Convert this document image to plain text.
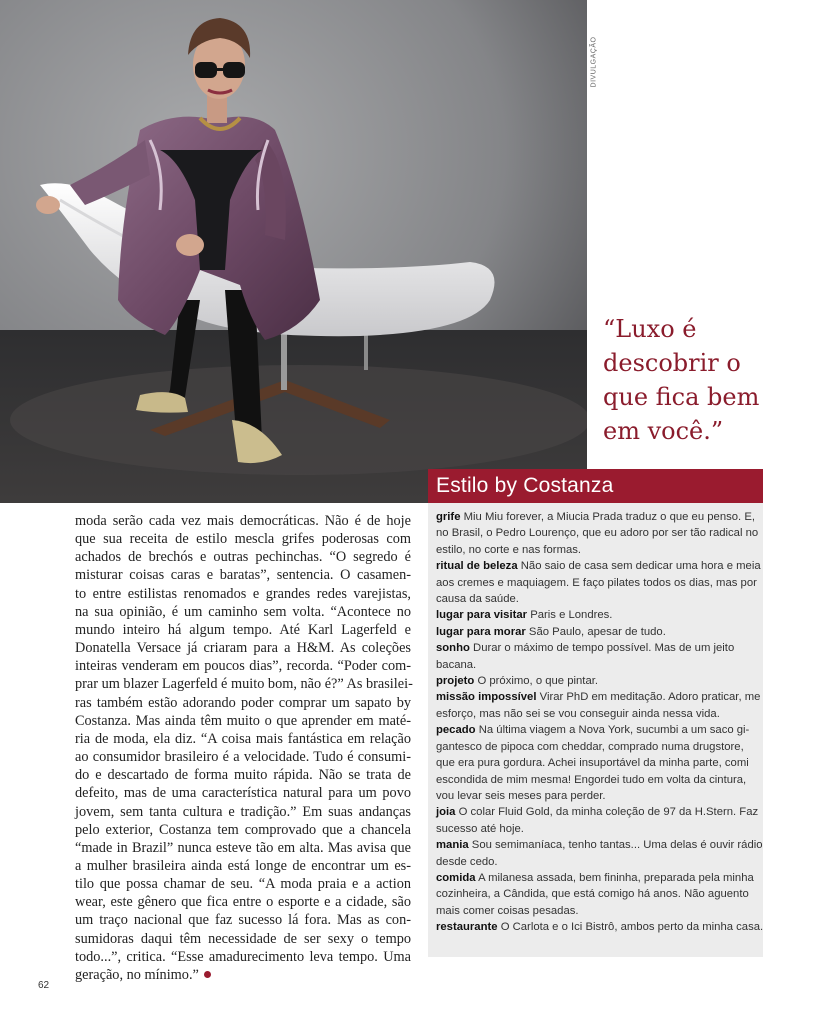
DIVULGAÇÃO
“Luxo é
descobrir o
que fica bem
em você.”
moda serão cada vez mais democráticas. Não é de hoje
que sua receita de estilo mescla grifes poderosas com
achados de brechós e outras pechinchas. “O segredo é
misturar coisas caras e baratas”, sentencia. O casamen-
to entre estilistas renomados e grandes redes varejistas,
na sua opinião, é um caminho sem volta. “Acontece no
mundo inteiro há algum tempo. Até Karl Lagerfeld e
Donatella Versace já criaram para a H&M. As coleções
inteiras venderam em poucos dias”, recorda. “Poder com-
prar um blazer Lagerfeld é muito bom, não é?” As brasilei-
ras também estão adorando poder comprar um sapato by
Costanza. Mas ainda têm muito o que aprender em maté-
ria de moda, ela diz. “A coisa mais fantástica em relação
ao consumidor brasileiro é a velocidade. Tudo é consumi-
do e descartado de forma muito rápida. Não se trata de
defeito, mas de uma característica natural para um povo
jovem, sem tanta cultura e tradição.” Em suas andanças
pelo exterior, Costanza tem comprovado que a chancela
“made in Brazil” nunca esteve tão em alta. Mas avisa que
a mulher brasileira ainda está longe de encontrar um es-
tilo que possa chamar de seu. “A moda praia e a action
wear, este gênero que fica entre o esporte e a cidade, são
um traço nacional que faz sucesso lá fora. Mas as con-
sumidoras daqui têm necessidade de ser sexy o tempo
todo...”, critica. “Esse amadurecimento leva tempo. Uma
geração, no mínimo.”
Estilo by Costanza
grife Miu Miu forever, a Miucia Prada traduz o que eu penso. E,
no Brasil, o Pedro Lourenço, que eu adoro por ser tão radical no
estilo, no corte e nas formas.
ritual de beleza Não saio de casa sem dedicar uma hora e meia
aos cremes e maquiagem. E faço pilates todos os dias, mas por
causa da saúde.
lugar para visitar Paris e Londres.
lugar para morar São Paulo, apesar de tudo.
sonho Durar o máximo de tempo possível. Mas de um jeito
bacana.
projeto O próximo, o que pintar.
missão impossível Virar PhD em meditação. Adoro praticar, me
esforço, mas não sei se vou conseguir ainda nessa vida.
pecado Na última viagem a Nova York, sucumbi a um saco gi-
gantesco de pipoca com cheddar, comprado numa drugstore,
que era pura gordura. Achei insuportável da minha parte, comi
escondida de mim mesma! Engordei tudo em volta da cintura,
vou levar seis meses para perder.
joia O colar Fluid Gold, da minha coleção de 97 da H.Stern. Faz
sucesso até hoje.
mania Sou semimaníaca, tenho tantas... Uma delas é ouvir rádio
desde cedo.
comida A milanesa assada, bem fininha, preparada pela minha
cozinheira, a Cândida, que está comigo há anos. Não aguento
mais comer coisas pesadas.
restaurante O Carlota e o Ici Bistrô, ambos perto da minha casa.
62
